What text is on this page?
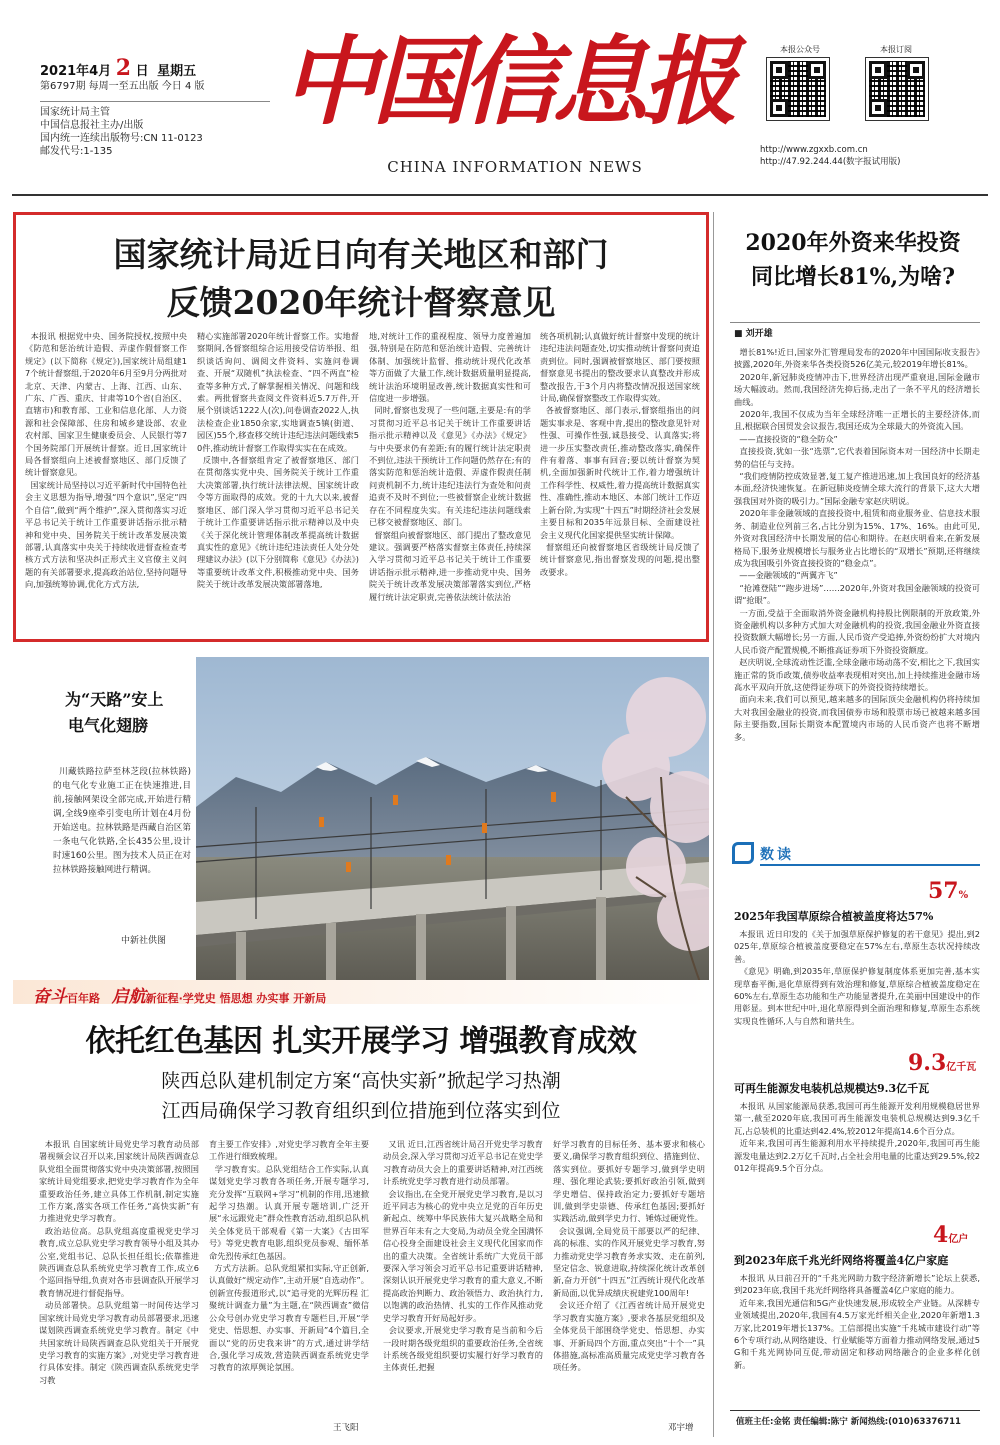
2021年4月 2 日 星期五
第6797期 每周一至五出版 今日 4 版
国家统计局主管
中国信息报社主办/出版
国内统一连续出版物号:CN 11-0123
邮发代号:1-135
中国信息报
CHINA INFORMATION NEWS
本报公众号	本报订阅
http://www.zgxxb.com.cn
http://47.92.244.44(数字报试用版)
国家统计局近日向有关地区和部门
反馈2020年统计督察意见
本报讯 根据党中央、国务院授权,按照中央《防范和惩治统计造假、弄虚作假督察工作规定》(以下简称《规定》),国家统计局组建17个统计督察组,于2020年6月至9月分两批对北京、天津、内蒙古、上海、江西、山东、广东、广西、重庆、甘肃等10个省(自治区、直辖市)和教育部、工业和信息化部、人力资源和社会保障部、住房和城乡建设部、农业农村部、国家卫生健康委员会、人民银行等7个国务院部门开展统计督察。近日,国家统计局各督察组向上述被督察地区、部门反馈了统计督察意见。
国家统计局坚持以习近平新时代中国特色社会主义思想为指导,增强“四个意识”,坚定“四个自信”,做到“两个维护”,深入贯彻落实习近平总书记关于统计工作重要讲话指示批示精神和党中央、国务院关于统计改革发展决策部署,认真落实中央关于持续收进督查检查考核方式方法和坚决纠正形式主义官僚主义问题的有关部署要求,提高政治站位,坚持问题导向,加强统筹协调,优化方式方法,
精心实施部署2020年统计督察工作。实地督察期间,各督察组综合运用接受信访举报、组织谈话询问、调阅文件资料、实施问卷调查、开展“双随机”执法检查、“四不两直”检查等多种方式,了解掌握相关情况、问题和线索。两批督察共查阅文件资料近5.7万件,开展个别谈话1222人(次),问卷调查2022人,执法检查企业1850余家,实地调查5镇(街道、园区)55个,移查移交统计违纪违法问题线索50件,推动统计督察工作取得实实在在成效。
反馈中,各督察组肯定了被督察地区、部门在贯彻落实党中央、国务院关于统计工作重大决策部署,执行统计法律法规、国家统计政令等方面取得的成效。党的十九大以来,被督察地区、部门深入学习贯彻习近平总书记关于统计工作重要讲话指示批示精神以及中央《关于深化统计管理体制改革提高统计数据真实性的意见》《统计违纪违法责任人处分处理建议办法》(以下分别简称《意见》《办法》)等重要统计改革文件,积极推动党中央、国务院关于统计改革发展决策部署落地,
地,对统计工作的重视程度、领导力度普遍加强,特别是在防范和惩治统计造假、完善统计体制、加强统计监督、推动统计现代化改革等方面做了大量工作,统计数据质量明显提高,统计法治环境明显改善,统计数据真实性和可信度进一步增强。
同时,督察也发现了一些问题,主要是:有的学习贯彻习近平总书记关于统计工作重要讲话指示批示精神以及《意见》《办法》《规定》与中央要求仍有差距;有的履行统计法定职责不到位,违法干预统计工作问题仍然存在;有的落实防范和惩治统计造假、弄虚作假责任制问责机制不力,统计违纪违法行为查处和问责追责不及时不到位;一些被督察企业统计数据存在不同程度失实。有关违纪违法问题线索已移交被督察地区、部门。
督察组向被督察地区、部门提出了整改意见建议。强调要严格落实督察主体责任,持续深入学习贯彻习近平总书记关于统计工作重要讲话指示批示精神,进一步推动党中央、国务院关于统计改革发展决策部署落实到位,严格履行统计法定职责,完善依法统计依法治
统各项机制;认真做好统计督察中发现的统计违纪违法问题查处,切实推动统计督察问责追责到位。同时,强调被督察地区、部门要按照督察意见书提出的整改要求认真整改并形成整改报告,于3个月内将整改情况报送国家统计局,确保督察整改工作取得实效。
各被督察地区、部门表示,督察组指出的问题实事求是、客观中肯,提出的整改意见针对性强、可操作性强,诚恳接受、认真落实;将进一步压实整改责任,推动整改落实,确保件件有着落、事事有回音;要以统计督察为契机,全面加强新时代统计工作,着力增强统计工作科学性、权威性,着力提高统计数据真实性、准确性,推动本地区、本部门统计工作迈上新台阶,为实现“十四五”时期经济社会发展主要目标和2035年远景目标、全面建设社会主义现代化国家提供坚实统计保障。
督察组还向被督察地区省级统计局反馈了统计督察意见,指出督察发现的问题,提出整改要求。
为“天路”安上
电气化翅膀
川藏铁路拉萨至林芝段(拉林铁路)的电气化专业施工正在快速推进,目前,接触网架设全部完成,开始进行精调,全线9座牵引变电所计划在4月份开始送电。拉林铁路是西藏自治区第一条电气化铁路,全长435公里,设计时速160公里。图为技术人员正在对拉林铁路接触网进行精调。
中新社供图
2020年外资来华投资
同比增长81%,为啥?
■ 刘开雄
增长81%!近日,国家外汇管理局发布的2020年中国国际收支报告》披露,2020年,外资来华各类投资526亿美元,较2019年增长81%。
2020年,新冠肺炎疫情冲击下,世界经济出现严重衰退,国际金融市场大幅波动。然而,我国经济先抑后扬,走出了一条不平凡的经济增长曲线。
2020年,我国不仅成为当年全球经济唯一正增长的主要经济体,而且,根据联合国贸发会议报告,我国还成为全球最大的外资流入国。
——直接投资的“稳全防众”
直接投资,犹如一张“选票”,它代表着国际资本对一国经济中长期走势的信任与支持。
“我们疫情防控成效显著,复工复产推进迅速,加上我国良好的经济基本面,经济快速恢复。在新冠肺炎疫情全球大流行的背景下,这大大增强我国对外资的吸引力。”国际金融专家赵庆明说。
2020年非金融领域的直接投资中,租赁和商业服务业、信息技术服务、制造业位列前三名,占比分别为15%、17%、16%。由此可见,外资对我国经济中长期发展的信心和期待。在赵庆明看来,在新发展格局下,服务业规模增长与服务业占比增长的“双增长”预期,还将继续成为我国吸引外资直接投资的“稳金点”。
——金融领域的“两翼齐飞”
“抢滩登陆”“跑步进场”……2020年,外资对我国金融领域的投资可谓“抢眼”。
一方面,受益于全面取消外资金融机构持股比例限制的开放政策,外资金融机构以多种方式加大对金融机构的投资,我国金融业外资直接投资数额大幅增长;另一方面,人民币资产受追捧,外资纷纷扩大对境内人民币资产配置规模,不断推高证券项下外资投资额度。
赵庆明说,全球流动性泛滥,全球金融市场动荡不安,相比之下,我国实施正常的货币政策,债券收益率表现相对突出,加上持续推进金融市场高水平双向开放,这使得证券项下的外资投资持续增长。
面向未来,我们可以预见,越来越多的国际顶尖金融机构仍将持续加大对我国金融业的投资,而我国债券市场和股票市场已被越来越多国际主要指数,国际长期资本配置境内市场的人民币资产也将不断增多。
数读
57%
2025年我国草原综合植被盖度将达57%
本报讯 近日印发的《关于加强草原保护修复的若干意见》提出,到2025年,草原综合植被盖度要稳定在57%左右,草原生态状况持续改善。
《意见》明确,到2035年,草原保护修复制度体系更加完善,基本实现草畜平衡,退化草原得到有效治理和修复,草原综合植被盖度稳定在60%左右,草原生态功能和生产功能显著提升,在美丽中国建设中的作用彰显。到本世纪中叶,退化草原得到全面治理和修复,草原生态系统实现良性循环,人与自然和谐共生。
9.3亿千瓦
可再生能源发电装机总规模达9.3亿千瓦
本报讯 从国家能源局获悉,我国可再生能源开发利用规模稳居世界第一,截至2020年底,我国可再生能源发电装机总规模达到9.3亿千瓦,占总装机的比重达到42.4%,较2012年提高14.6个百分点。
近年来,我国可再生能源利用水平持续提升,2020年,我国可再生能源发电量达到2.2万亿千瓦时,占全社会用电量的比重达到29.5%,较2012年提高9.5个百分点。
4亿户
到2023年底千兆光纤网络将覆盖4亿户家庭
本报讯 从日前召开的“千兆光网助力数字经济新增长”论坛上获悉,到2023年底,我国千兆光纤网络将具备覆盖4亿户家庭的能力。
近年来,我国光通信和5G产业快速发展,形成较全产业链。从深耕专业领域提出,2020年,我国有4.5万家光纤相关企业,2020年新增1.3万家,比2019年增长137%。工信部提出实施“千兆城市建设行动”等6个专项行动,从网络建设、行业赋能等方面着力推动网络发展,通过5G和千兆光网协同互促,带动固定和移动网络融合的企业多样化创新。
值班主任:金铭 责任编辑:陈宁 新闻热线:(010)63376711
奋斗百年路 启航新征程·学党史 悟思想 办实事 开新局
依托红色基因 扎实开展学习 增强教育成效
陕西总队建机制定方案“高快实新”掀起学习热潮
江西局确保学习教育组织到位措施到位落实到位
本报讯 自国家统计局党史学习教育动员部署视频会议召开以来,国家统计局陕西调查总队党组全面贯彻落实党中央决策部署,按照国家统计局党组要求,把党史学习教育作为全年重要政治任务,建立具体工作机制,制定实施工作方案,落实各项工作任务,“高快实新”有力推进党史学习教育。
政治站位高。总队党组高度重视党史学习教育,成立总队党史学习教育领导小组及其办公室,党组书记、总队长担任组长;依靠推进陕西调查总队系统党史学习教育工作,成立6个巡回指导组,负责对各市县调查队开展学习教育情况进行督促指导。
动员部署快。总队党组第一时间传达学习国家统计局党史学习教育动员部署要求,迅速谋划陕西调查系统党史学习教育。制定《中共国家统计局陕西调查总队党组关于开展党史学习教育的实施方案》,对党史学习教育进行具体安排。制定《陕西调查队系统党史学习教
育主要工作安排》,对党史学习教育全年主要工作进行细致梳理。
学习教育实。总队党组结合工作实际,认真谋划党史学习教育各项任务,开展专题学习,充分发挥“互联网+学习”机制的作用,迅速掀起学习热潮。认真开展专题培训,广泛开展“永远跟党走”群众性教育活动,组织总队机关全体党员干部观看《第一大案》《古田军号》等党史教育电影,组织党员参观、缅怀革命先烈传承红色基因。
方式方法新。总队党组紧扣实际,守正创新,认真做好“规定动作”,主动开展“自选动作”。创新宣传报道形式,以“追寻党的光辉历程 汇聚统计调查力量”为主题,在“陕西调查”微信公众号创办党史学习教育专题栏目,开展“学党史、悟思想、办实事、开新局”4个篇目,全面以“党的历史我来讲”的方式,通过讲学结合,强化学习成效,营造陕西调查系统党史学习教育的浓厚舆论氛围。
王飞阳
又讯 近日,江西省统计局召开党史学习教育动员会,深入学习贯彻习近平总书记在党史学习教育动员大会上的重要讲话精神,对江西统计系统党史学习教育进行动员部署。
会议指出,在全党开展党史学习教育,是以习近平同志为核心的党中央立足党的百年历史新起点、统筹中华民族伟大复兴战略全局和世界百年未有之大变局,为动员全党全国满怀信心投身全面建设社会主义现代化国家而作出的重大决策。全省统计系统广大党员干部要深入学习领会习近平总书记重要讲话精神,深刻认识开展党史学习教育的重大意义,不断提高政治判断力、政治领悟力、政治执行力,以饱满的政治热情、扎实的工作作风推动党史学习教育开好局起好步。
会议要求,开展党史学习教育是当前和今后一段时期各级党组织的重要政治任务,全省统计系统各级党组织要切实履行好学习教育的主体责任,把握
好学习教育的目标任务、基本要求和核心要义,确保学习教育组织到位、措施到位、落实到位。要抓好专题学习,做到学史明理、强化理论武装;要抓好政治引领,做到学史增信、保持政治定力;要抓好专题培训,做到学史崇德、传承红色基因;要抓好实践活动,做到学史力行、锤炼过硬党性。
会议强调,全局党员干部要以严的纪律、高的标准、实的作风开展党史学习教育,努力推动党史学习教育务求实效、走在前列,坚定信念、锐意进取,持续深化统计改革创新,奋力开创“十四五”江西统计现代化改革新局面,以优异成绩庆祝建党100周年!
会议还介绍了《江西省统计局开展党史学习教育实施方案》,要求各基层党组织及全体党员干部围绕学党史、悟思想、办实事、开新局四个方面,重点突出“十个一”具体措施,高标准高质量完成党史学习教育各项任务。
邓宇增
